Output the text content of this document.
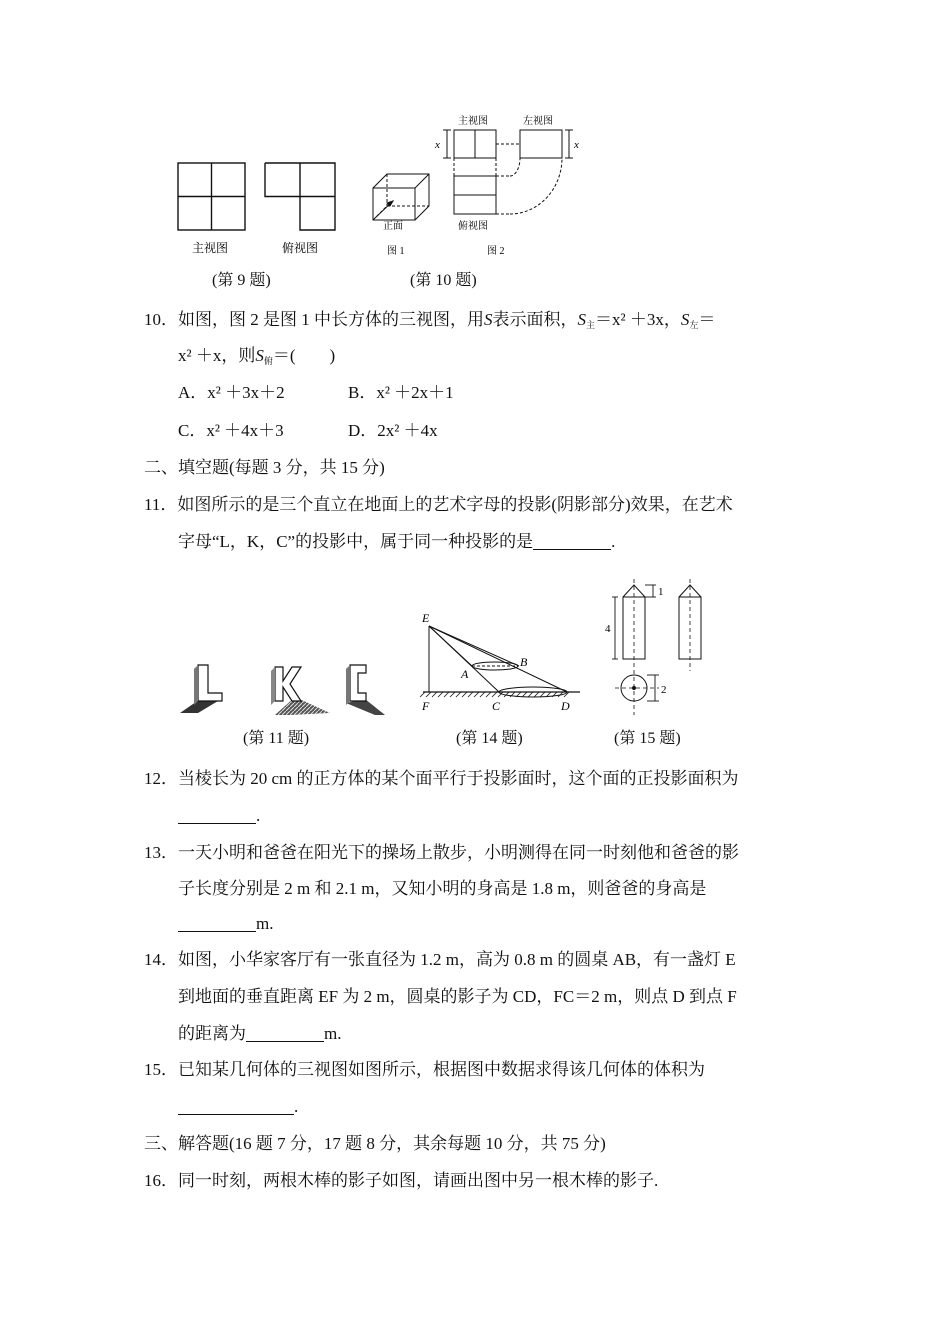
主视图	俯视图
(第 9 题)
正面
图 1
主视图	左视图
x	x
俯视图
图 2
(第 10 题)
10．如图，图 2 是图 1 中长方体的三视图，用S表示面积，$S_主=x^2 +3x$，$S_左=$
x² ＋x，则$S_俯=$(　　)
A．x² ＋3x＋2	B．x² ＋2x＋1
C．x² ＋4x＋3	D．2x² ＋4x
二、填空题(每题 3 分，共 15 分)
11．如图所示的是三个直立在地面上的艺术字母的投影(阴影部分)效果，在艺术
字母“L，K，C”的投影中，属于同一种投影的是	.
(第 11 题)
E
A
B
F	C	D
(第 14 题)
1
4
2
(第 15 题)
12．当棱长为 20 cm 的正方体的某个面平行于投影面时，这个面的正投影面积为
.
13．一天小明和爸爸在阳光下的操场上散步，小明测得在同一时刻他和爸爸的影
子长度分别是 2 m 和 2.1 m，又知小明的身高是 1.8 m，则爸爸的身高是
m.
14．如图，小华家客厅有一张直径为 1.2 m，高为 0.8 m 的圆桌 AB，有一盏灯 E
到地面的垂直距离 EF 为 2 m，圆桌的影子为 CD，FC＝2 m，则点 D 到点 F
的距离为	m.
15．已知某几何体的三视图如图所示，根据图中数据求得该几何体的体积为
.
三、解答题(16 题 7 分，17 题 8 分，其余每题 10 分，共 75 分)
16．同一时刻，两根木棒的影子如图，请画出图中另一根木棒的影子.
